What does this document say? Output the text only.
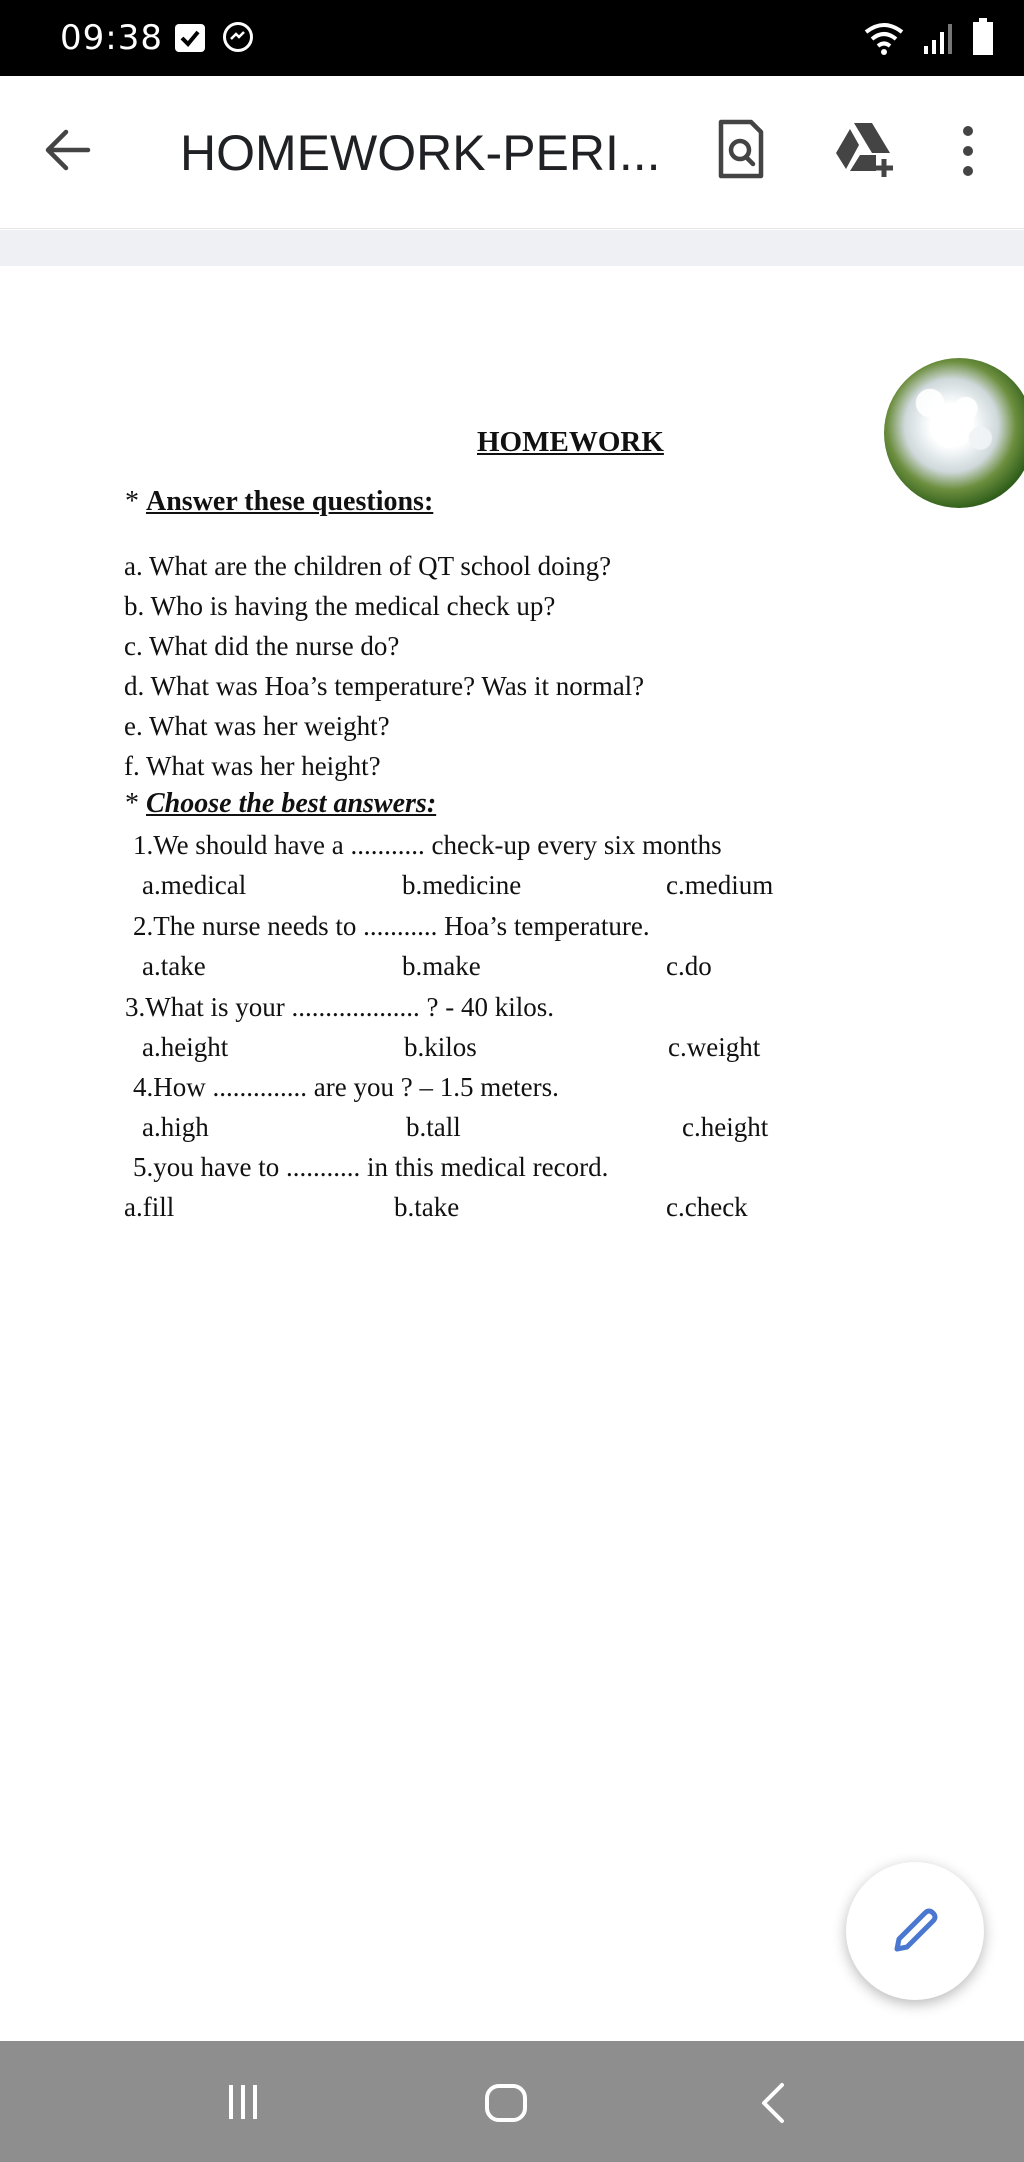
09:38
HOMEWORK-PERI...
HOMEWORK
* Answer these questions:
a. What are the children of QT school doing?
b. Who is having the medical check up?
c. What did the nurse do?
d. What was Hoa’s temperature? Was it normal?
e. What was her weight?
f. What was her height?
* Choose the best answers:
1.We should have a ........... check-up every six months
a.medical	b.medicine	c.medium
2.The nurse needs to ........... Hoa’s temperature.
a.take	b.make	c.do
3.What is your ................... ? - 40 kilos.
a.height	b.kilos	c.weight
4.How .............. are you ? – 1.5 meters.
a.high	b.tall	c.height
5.you have to ........... in this medical record.
a.fill	b.take	c.check
